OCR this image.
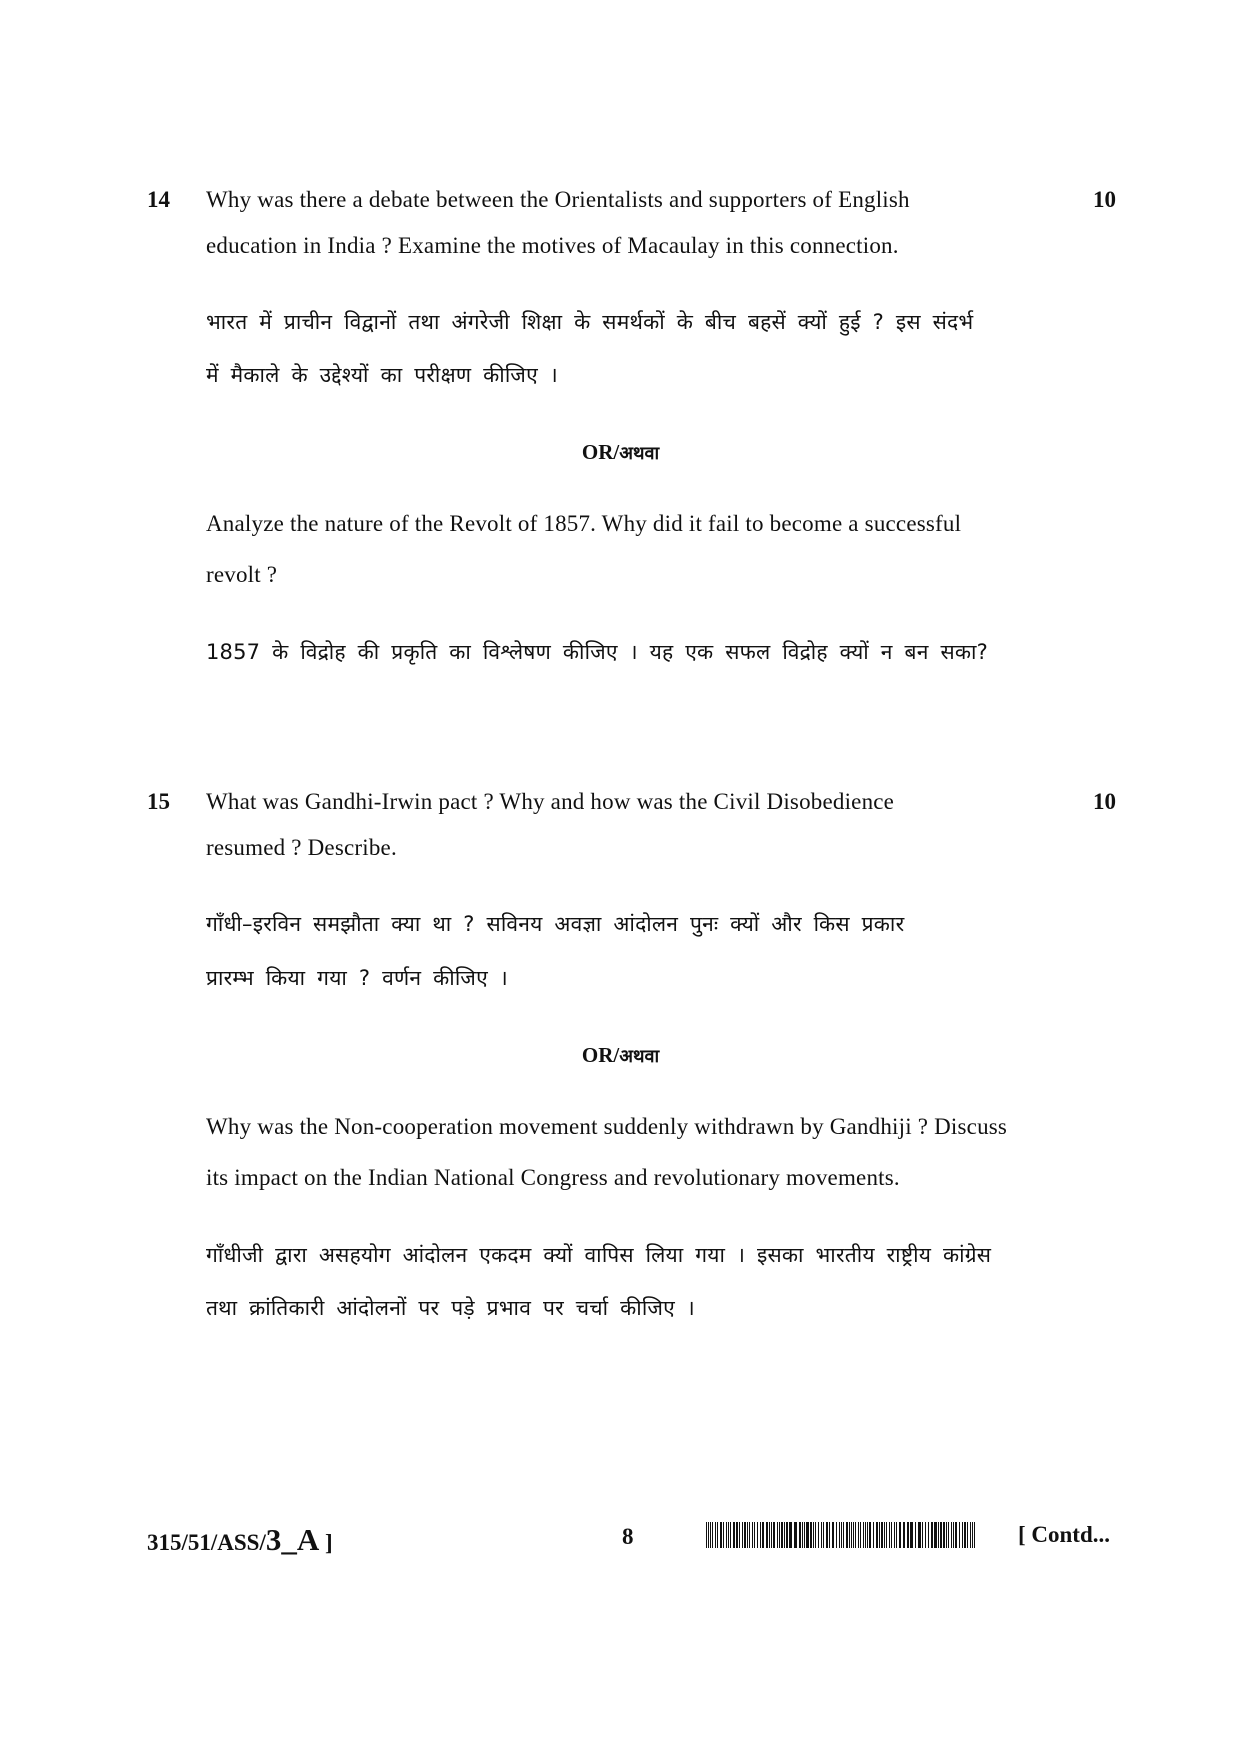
14	10
Why was there a debate between the Orientalists and supporters of English
education in India ? Examine the motives of Macaulay in this connection.
भारत में प्राचीन विद्वानों तथा अंगरेजी शिक्षा के समर्थकों के बीच बहसें क्यों हुई ? इस संदर्भ
में मैकाले के उद्देश्यों का परीक्षण कीजिए ।
OR/अथवा
Analyze the nature of the Revolt of 1857. Why did it fail to become a successful
revolt ?
1857 के विद्रोह की प्रकृति का विश्लेषण कीजिए । यह एक सफल विद्रोह क्यों न बन सका?
15	10
What was Gandhi-Irwin pact ? Why and how was the Civil Disobedience
resumed ? Describe.
गाँधी–इरविन समझौता क्या था ? सविनय अवज्ञा आंदोलन पुनः क्यों और किस प्रकार
प्रारम्भ किया गया ? वर्णन कीजिए ।
OR/अथवा
Why was the Non-cooperation movement suddenly withdrawn by Gandhiji ? Discuss
its impact on the Indian National Congress and revolutionary movements.
गाँधीजी द्वारा असहयोग आंदोलन एकदम क्यों वापिस लिया गया । इसका भारतीय राष्ट्रीय कांग्रेस
तथा क्रांतिकारी आंदोलनों पर पड़े प्रभाव पर चर्चा कीजिए ।
315/51/ASS/3_A ]	8	[ Contd...
